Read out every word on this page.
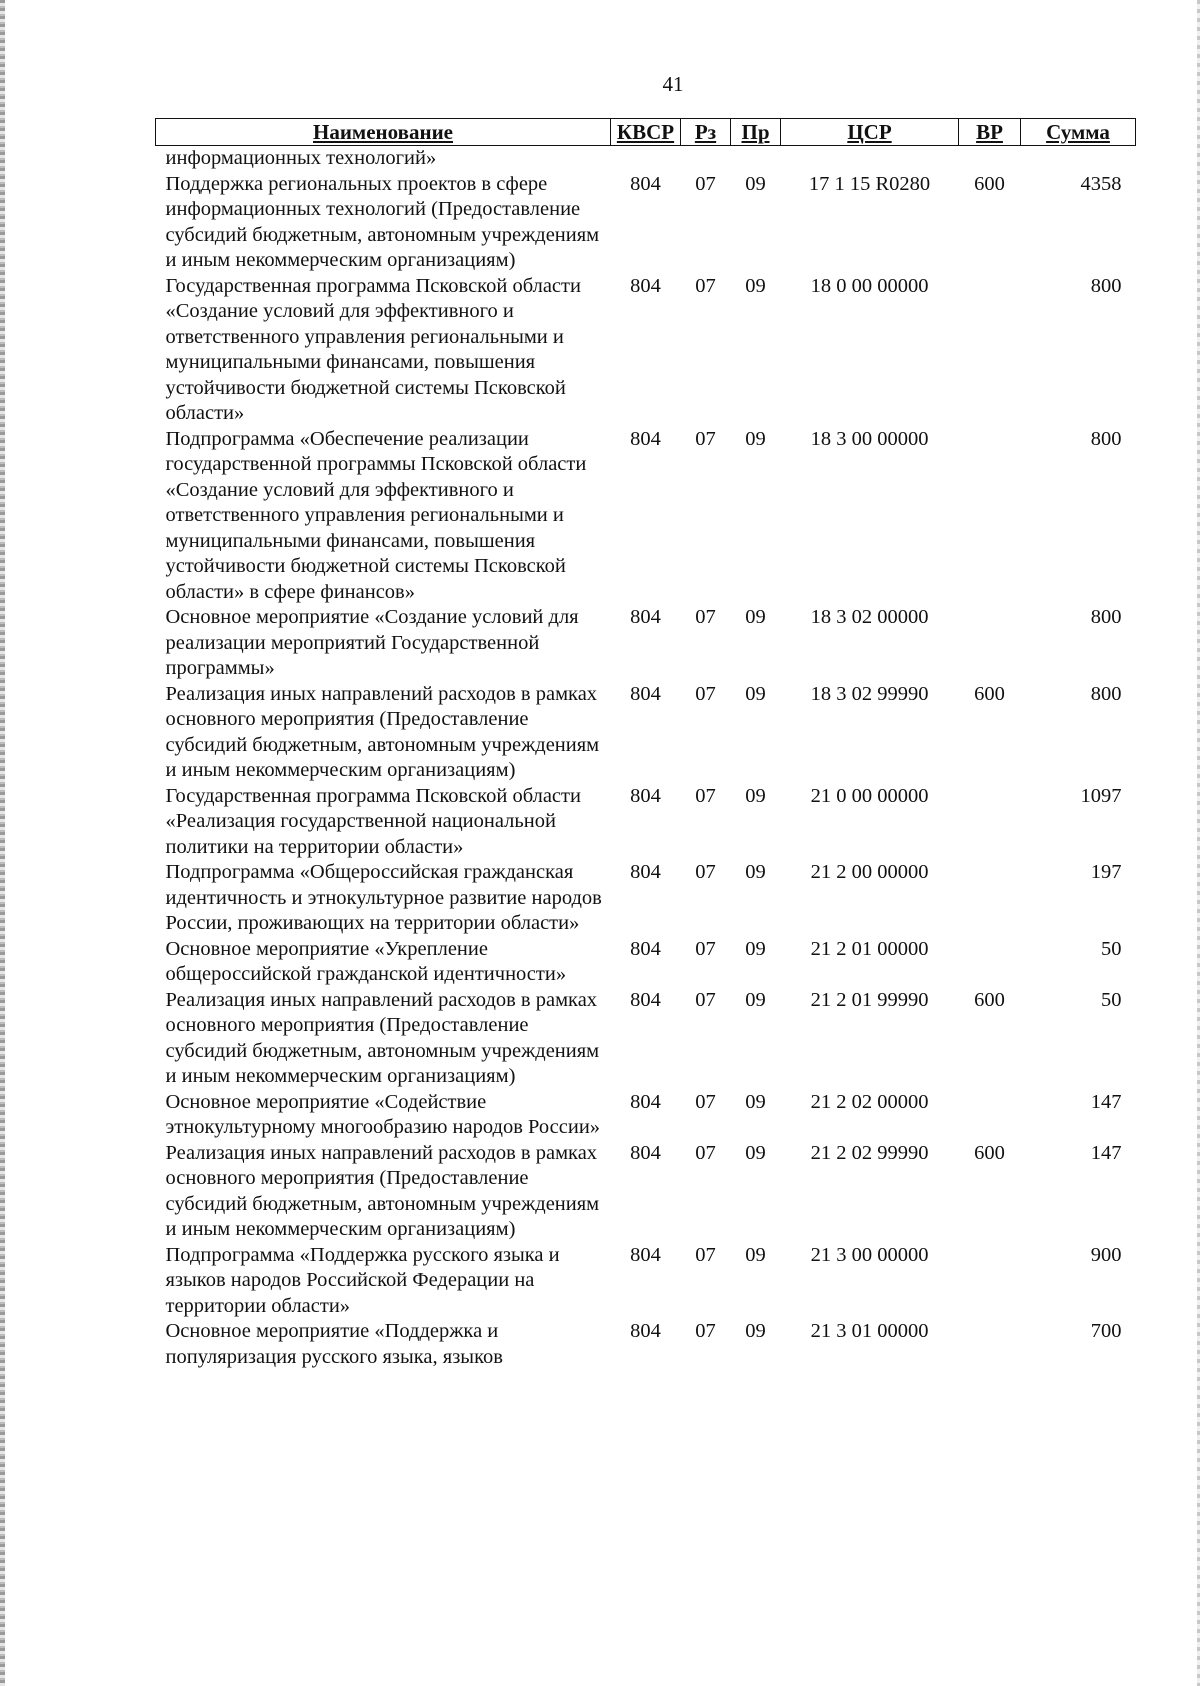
41
Наименование	КВСР	Рз	Пр	ЦСР	ВР	Сумма
информационных технологий»						
Поддержка региональных проектов в сфере информационных технологий (Предоставление субсидий бюджетным, автономным учреждениям и иным некоммерческим организациям)	804	07	09	17 1 15 R0280	600	4358
Государственная программа Псковской области «Создание условий для эффективного и ответственного управления региональными и муниципальными финансами, повышения устойчивости бюджетной системы Псковской области»	804	07	09	18 0 00 00000		800
Подпрограмма «Обеспечение реализации государственной программы Псковской области «Создание условий для эффективного и ответственного управления региональными и муниципальными финансами, повышения устойчивости бюджетной системы Псковской области» в сфере финансов»	804	07	09	18 3 00 00000		800
Основное мероприятие «Создание условий для реализации мероприятий Государственной программы»	804	07	09	18 3 02 00000		800
Реализация иных направлений расходов в рамках основного мероприятия (Предоставление субсидий бюджетным, автономным учреждениям и иным некоммерческим организациям)	804	07	09	18 3 02 99990	600	800
Государственная программа Псковской области «Реализация государственной национальной политики на территории области»	804	07	09	21 0 00 00000		1097
Подпрограмма «Общероссийская гражданская идентичность и этнокультурное развитие народов России, проживающих на территории области»	804	07	09	21 2 00 00000		197
Основное мероприятие «Укрепление общероссийской гражданской идентичности»	804	07	09	21 2 01 00000		50
Реализация иных направлений расходов в рамках основного мероприятия (Предоставление субсидий бюджетным, автономным учреждениям и иным некоммерческим организациям)	804	07	09	21 2 01 99990	600	50
Основное мероприятие «Содействие этнокультурному многообразию народов России»	804	07	09	21 2 02 00000		147
Реализация иных направлений расходов в рамках основного мероприятия (Предоставление субсидий бюджетным, автономным учреждениям и иным некоммерческим организациям)	804	07	09	21 2 02 99990	600	147
Подпрограмма «Поддержка русского языка и языков народов Российской Федерации на территории области»	804	07	09	21 3 00 00000		900
Основное мероприятие «Поддержка и популяризация русского языка, языков	804	07	09	21 3 01 00000		700
